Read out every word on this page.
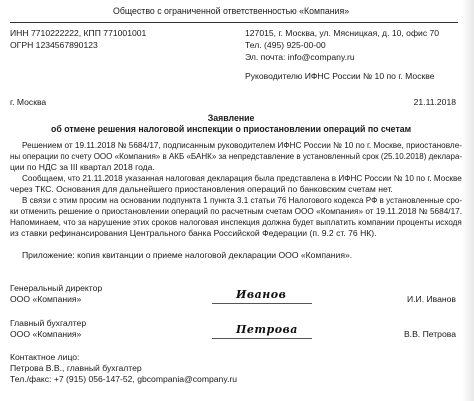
Общество с ограниченной ответственностью «Компания»
ИНН 7710222222, КПП 771001001
ОГРН 1234567890123
127015, г. Москва, ул. Мясницкая, д. 10, офис 70
Тел. (495) 925-00-00
Эл. почта: info@company.ru
Руководителю ИФНС России № 10 по г. Москве
г. Москва	21.11.2018
Заявление
об отмене решения налоговой инспекции о приостановлении операций по счетам
Решением от 19.11.2018 № 5684/17, подписанным руководителем ИФНС России № 10 по г. Москве, приостановле-
ны операции по счету ООО «Компания» в АКБ «БАНК» за непредставление в установленный срок (25.10.2018) деклара-
ции по НДС за III квартал 2018 года.
Сообщаем, что 21.11.2018 указанная налоговая декларация была представлена в ИФНС России № 10 по г. Москве
через ТКС. Основания для дальнейшего приостановления операций по банковским счетам нет.
В связи с этим просим на основании подпункта 1 пункта 3.1 статьи 76 Налогового кодекса РФ в установленные сро-
ки отменить решение о приостановлении операций по расчетным счетам ООО «Компания» от 19.11.2018 № 5684/17.
Напоминаем, что за нарушение этих сроков налоговая инспекция должна будет выплатить компании проценты исходя
из ставки рефинансирования Центрального банка Российской Федерации (п. 9.2 ст. 76 НК).
Приложение: копия квитанции о приеме налоговой декларации ООО «Компания».
Генеральный директор
ООО «Компания»	Иванов	И.И. Иванов
Главный бухгалтер
ООО «Компания»	Петрова	В.В. Петрова
Контактное лицо:
Петрова В.В., главный бухгалтер
Тел./факс: +7 (915) 056-147-52, gbcompania@company.ru
